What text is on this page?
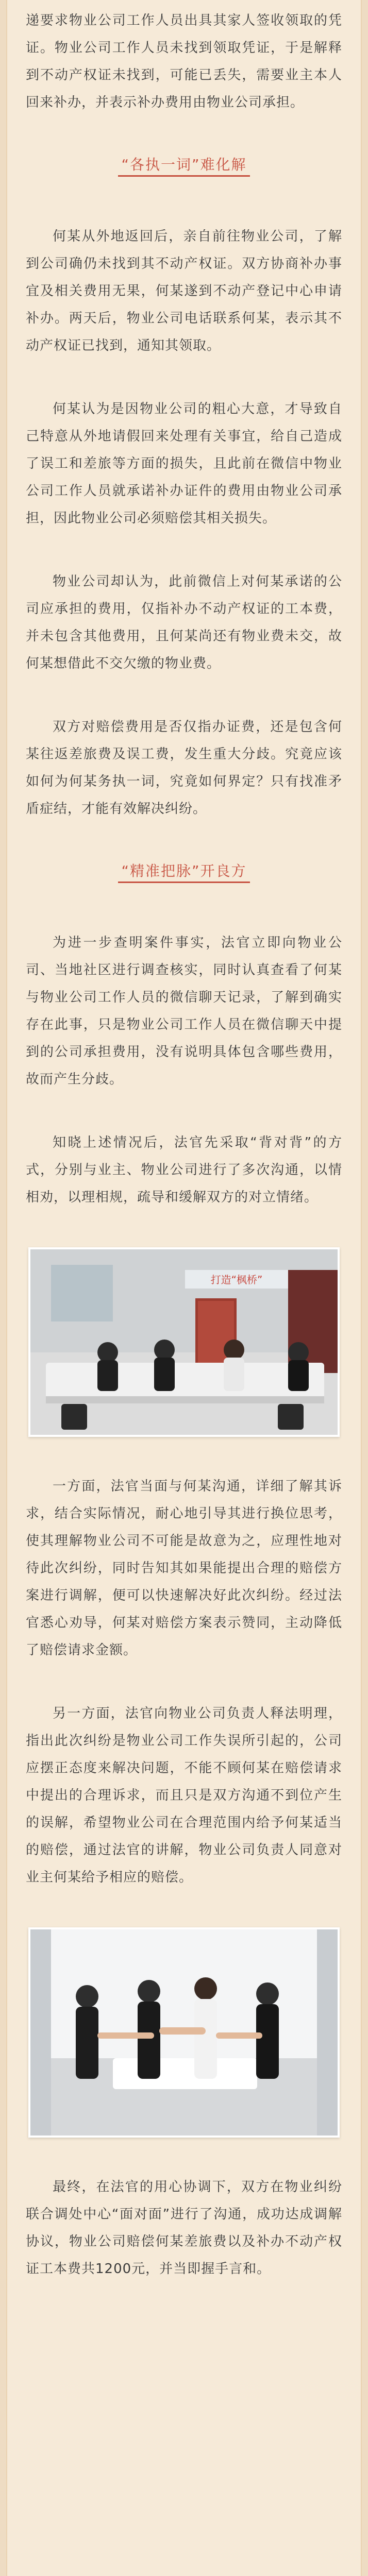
递要求物业公司工作人员出具其家人签收领取的凭证。物业公司工作人员未找到领取凭证，于是解释到不动产权证未找到，可能已丢失，需要业主本人回来补办，并表示补办费用由物业公司承担。

“各执一词”难化解

何某从外地返回后，亲自前往物业公司，了解到公司确仍未找到其不动产权证。双方协商补办事宜及相关费用无果，何某遂到不动产登记中心申请补办。两天后，物业公司电话联系何某，表示其不动产权证已找到，通知其领取。

何某认为是因物业公司的粗心大意，才导致自己特意从外地请假回来处理有关事宜，给自己造成了误工和差旅等方面的损失，且此前在微信中物业公司工作人员就承诺补办证件的费用由物业公司承担，因此物业公司必须赔偿其相关损失。

物业公司却认为，此前微信上对何某承诺的公司应承担的费用，仅指补办不动产权证的工本费，并未包含其他费用，且何某尚还有物业费未交，故何某想借此不交欠缴的物业费。

双方对赔偿费用是否仅指办证费，还是包含何某往返差旅费及误工费，发生重大分歧。究竟应该如何为何某务执一词，究竟如何界定？只有找准矛盾症结，才能有效解决纠纷。

“精准把脉”开良方

为进一步查明案件事实，法官立即向物业公司、当地社区进行调查核实，同时认真查看了何某与物业公司工作人员的微信聊天记录，了解到确实存在此事，只是物业公司工作人员在微信聊天中提到的公司承担费用，没有说明具体包含哪些费用，故而产生分歧。

知晓上述情况后，法官先采取“背对背”的方式，分别与业主、物业公司进行了多次沟通，以情相劝，以理相规，疏导和缓解双方的对立情绪。

打造“枫桥”

一方面，法官当面与何某沟通，详细了解其诉求，结合实际情况，耐心地引导其进行换位思考，使其理解物业公司不可能是故意为之，应理性地对待此次纠纷，同时告知其如果能提出合理的赔偿方案进行调解，便可以快速解决好此次纠纷。经过法官悉心劝导，何某对赔偿方案表示赞同，主动降低了赔偿请求金额。

另一方面，法官向物业公司负责人释法明理，指出此次纠纷是物业公司工作失误所引起的，公司应摆正态度来解决问题，不能不顾何某在赔偿请求中提出的合理诉求，而且只是双方沟通不到位产生的误解，希望物业公司在合理范围内给予何某适当的赔偿，通过法官的讲解，物业公司负责人同意对业主何某给予相应的赔偿。

最终，在法官的用心协调下，双方在物业纠纷联合调处中心“面对面”进行了沟通，成功达成调解协议，物业公司赔偿何某差旅费以及补办不动产权证工本费共1200元，并当即握手言和。
